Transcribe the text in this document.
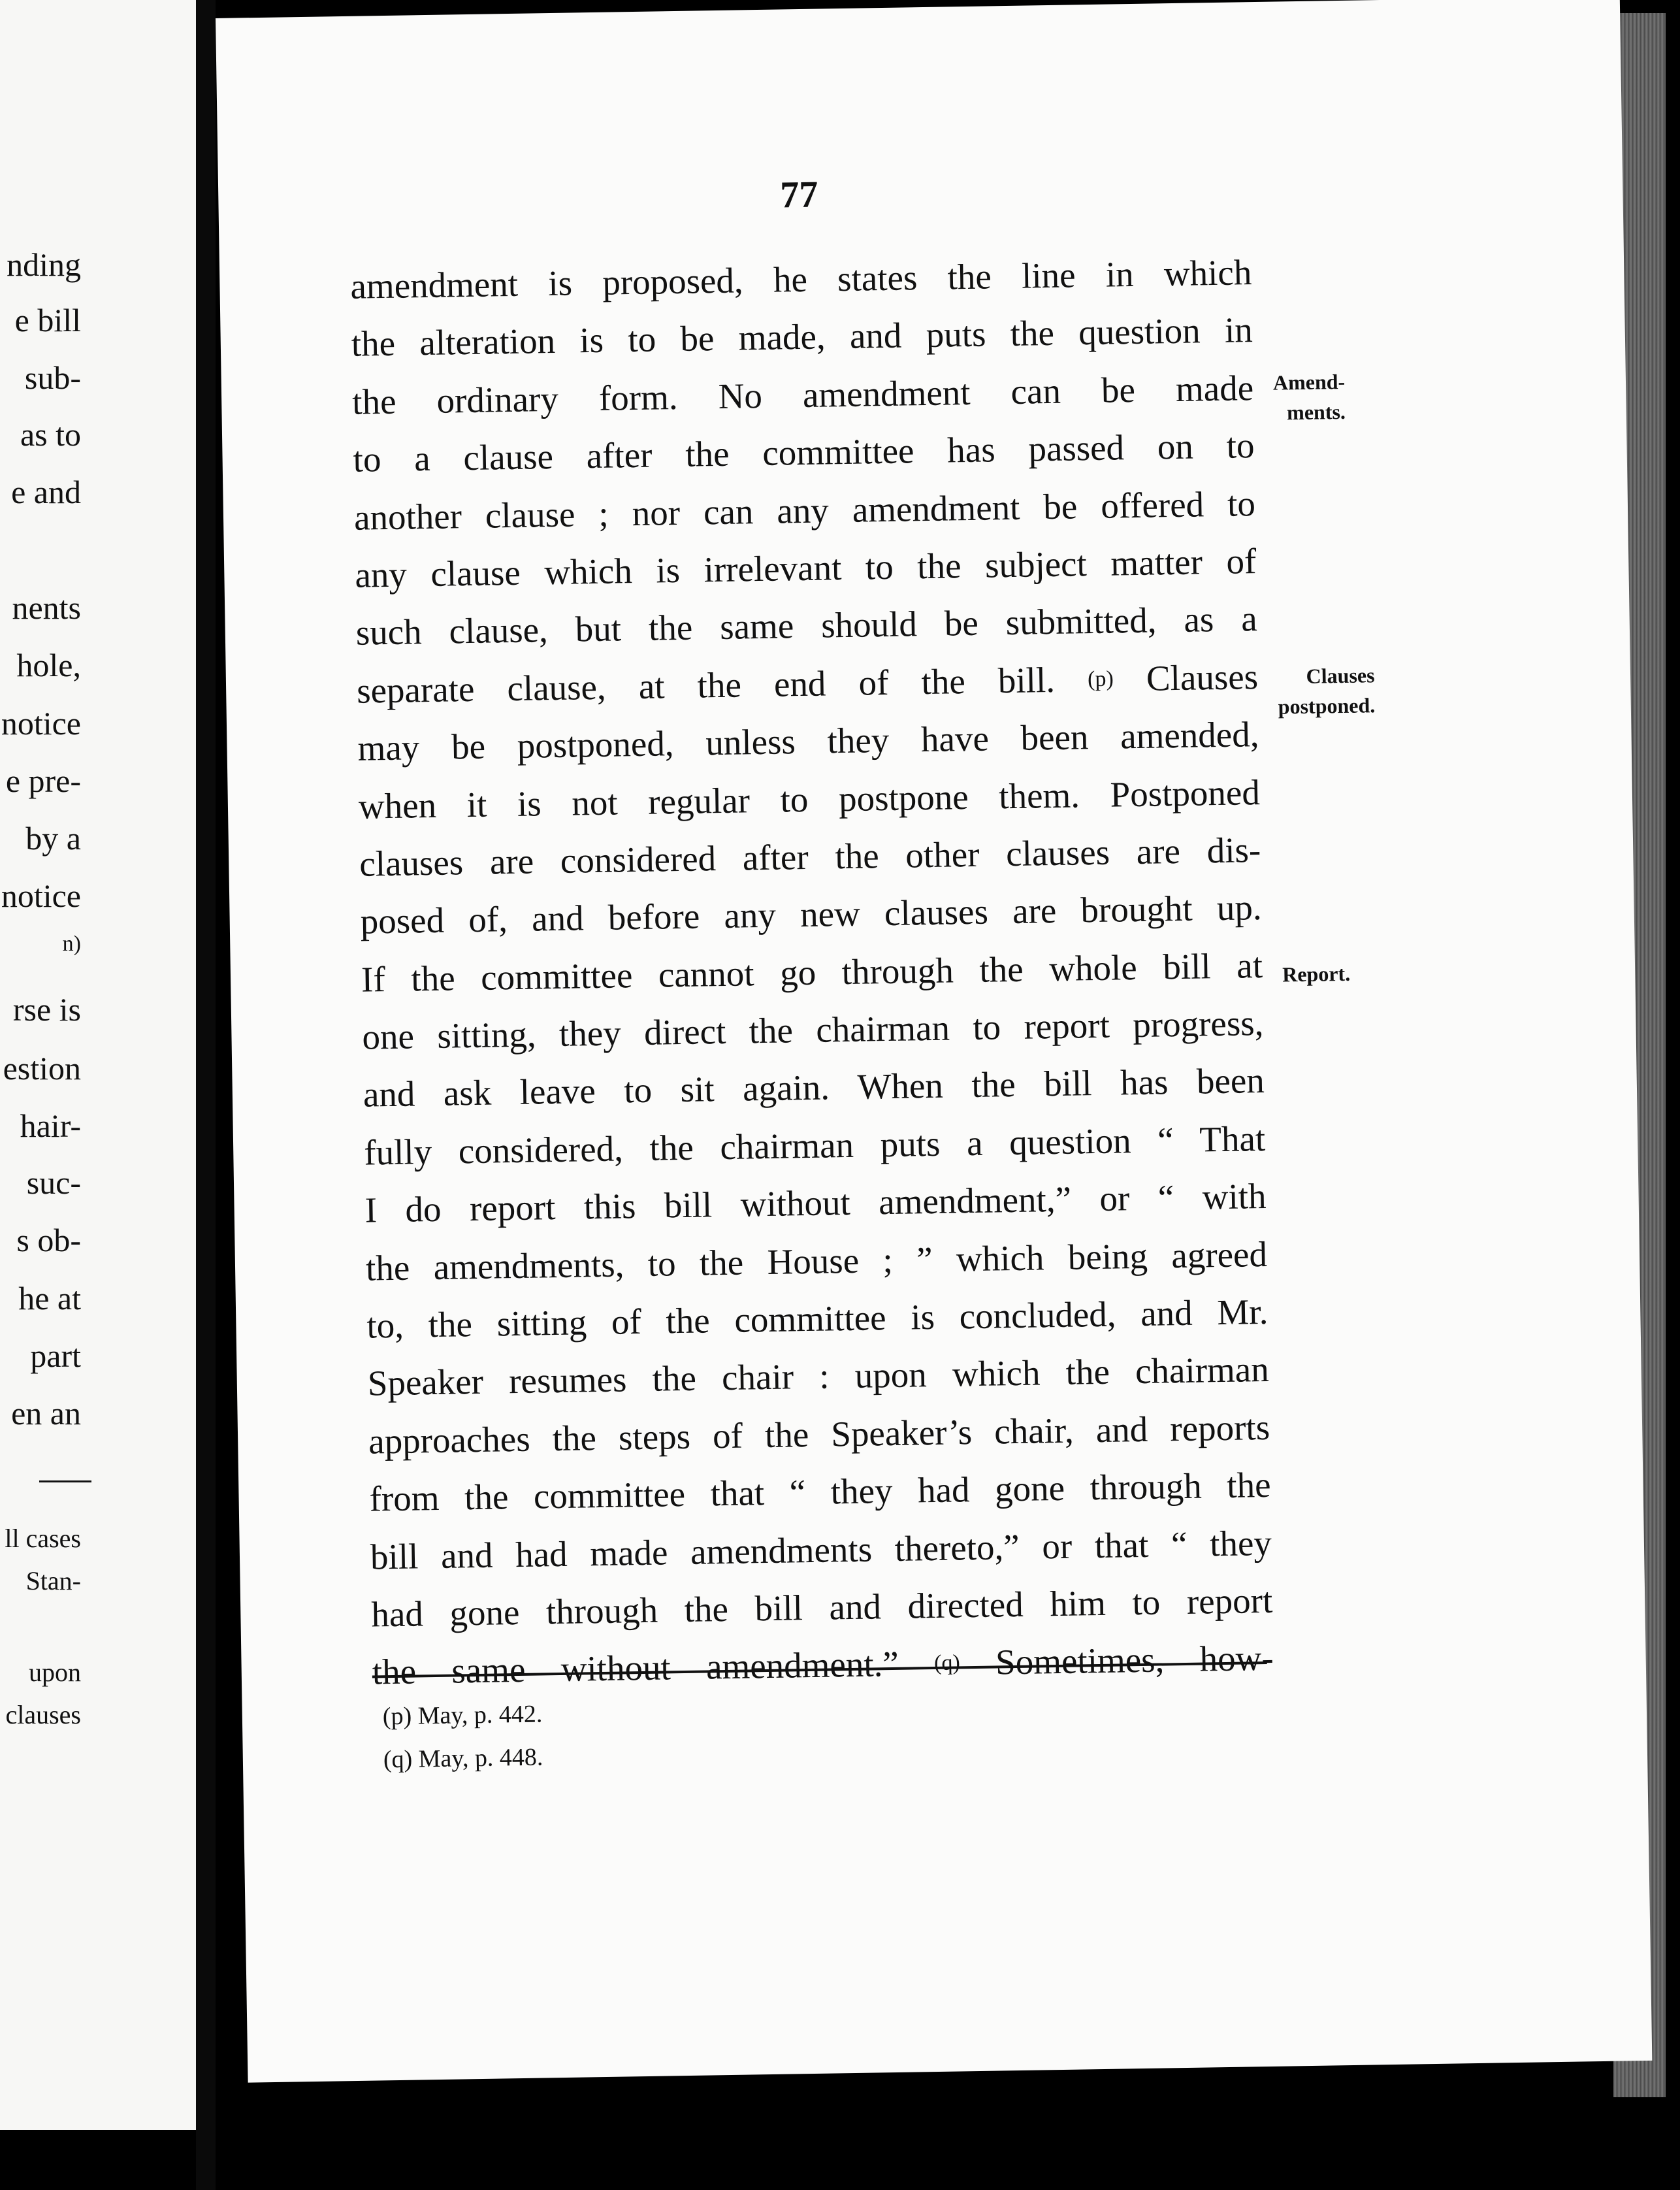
nding
e bill
sub-
as to
e and
nents
hole,
notice
e pre-
by a
notice
n)
rse is
estion
hair-
suc-
s ob-
he at
part
en an
ll cases
Stan-
upon
clauses
77
amendment is proposed, he states the line in which
the alteration is to be made, and puts the question in
the ordinary form. No amendment can be made
to a clause after the committee has passed on to
another clause ; nor can any amendment be offered to
any clause which is irrelevant to the subject matter of
such clause, but the same should be submitted, as a
separate clause, at the end of the bill. (p) Clauses
may be postponed, unless they have been amended,
when it is not regular to postpone them. Postponed
clauses are considered after the other clauses are dis-
posed of, and before any new clauses are brought up.
If the committee cannot go through the whole bill at
one sitting, they direct the chairman to report progress,
and ask leave to sit again. When the bill has been
fully considered, the chairman puts a question “ That
I do report this bill without amendment,” or “ with
the amendments, to the House ; ” which being agreed
to, the sitting of the committee is concluded, and Mr.
Speaker resumes the chair : upon which the chairman
approaches the steps of the Speaker’s chair, and reports
from the committee that “ they had gone through the
bill and had made amendments thereto,” or that “ they
had gone through the bill and directed him to report
the same without amendment.” (q) Sometimes, how-
Amend-
ments.
Clauses
postponed.
Report.
(p) May, p. 442.
(q) May, p. 448.
